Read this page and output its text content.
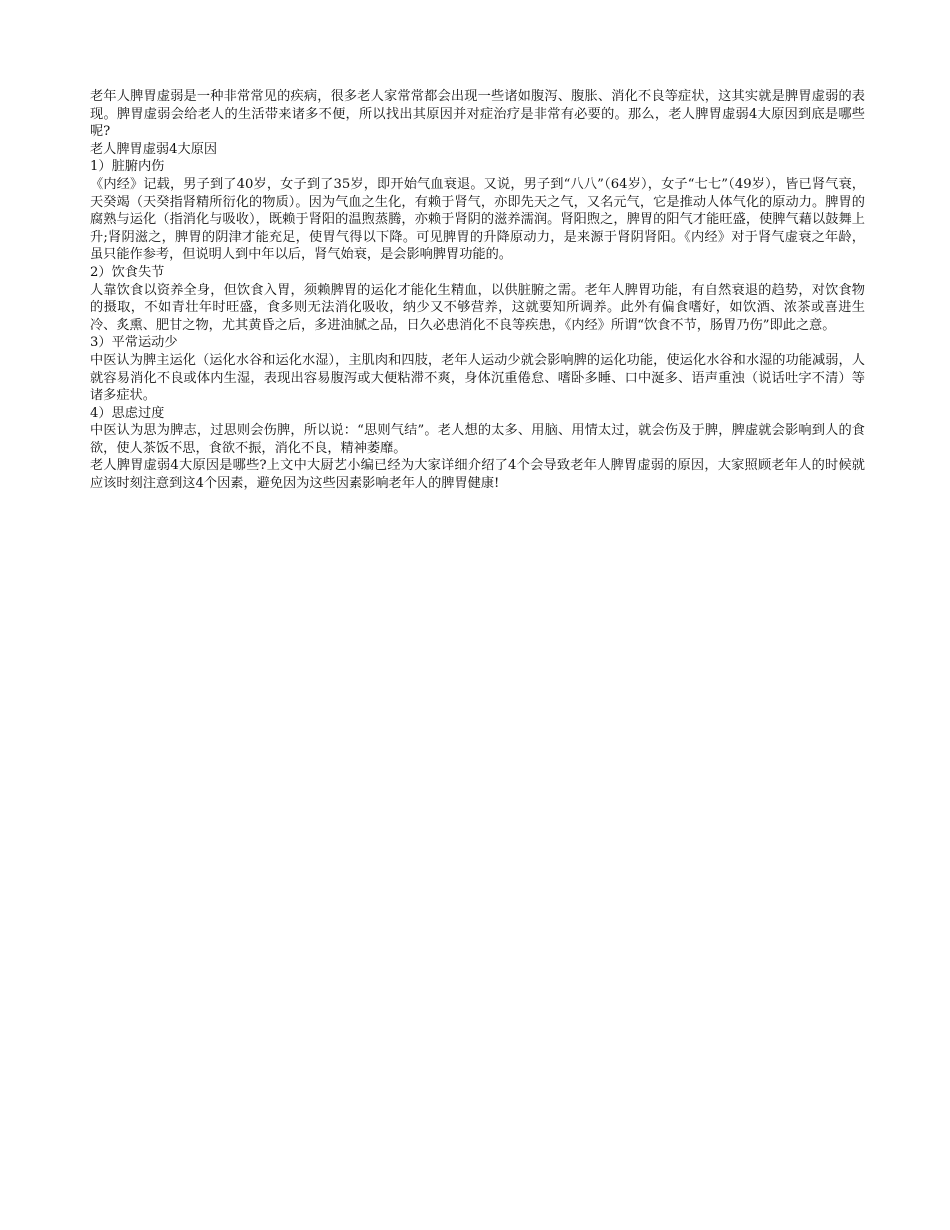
老年人脾胃虚弱是一种非常常见的疾病，很多老人家常常都会出现一些诸如腹泻、腹胀、消化不良等症状，这其实就是脾胃虚弱的表现。脾胃虚弱会给老人的生活带来诸多不便，所以找出其原因并对症治疗是非常有必要的。那么，老人脾胃虚弱4大原因到底是哪些呢?

老人脾胃虚弱4大原因

1）脏腑内伤

《内经》记载，男子到了40岁，女子到了35岁，即开始气血衰退。又说，男子到“八八”（64岁），女子“七七”（49岁），皆已肾气衰，天癸竭（天癸指肾精所衍化的物质）。因为气血之生化，有赖于肾气，亦即先天之气，又名元气，它是推动人体气化的原动力。脾胃的腐熟与运化（指消化与吸收），既赖于肾阳的温煦蒸腾，亦赖于肾阴的滋养濡润。肾阳煦之，脾胃的阳气才能旺盛，使脾气藉以鼓舞上升;肾阴滋之，脾胃的阴津才能充足，使胃气得以下降。可见脾胃的升降原动力，是来源于肾阴肾阳。《内经》对于肾气虚衰之年龄，虽只能作参考，但说明人到中年以后，肾气始衰，是会影响脾胃功能的。

2）饮食失节

人靠饮食以资养全身，但饮食入胃，须赖脾胃的运化才能化生精血，以供脏腑之需。老年人脾胃功能，有自然衰退的趋势，对饮食物的摄取，不如青壮年时旺盛，食多则无法消化吸收，纳少又不够营养，这就要知所调养。此外有偏食嗜好，如饮酒、浓茶或喜进生冷、炙熏、肥甘之物，尤其黄昏之后，多进油腻之品，日久必患消化不良等疾患，《内经》所谓“饮食不节，肠胃乃伤”即此之意。

3）平常运动少

中医认为脾主运化（运化水谷和运化水湿），主肌肉和四肢，老年人运动少就会影响脾的运化功能，使运化水谷和水湿的功能减弱，人就容易消化不良或体内生湿，表现出容易腹泻或大便粘滞不爽，身体沉重倦怠、嗜卧多睡、口中涎多、语声重浊（说话吐字不清）等诸多症状。

4）思虑过度

中医认为思为脾志，过思则会伤脾，所以说：“思则气结”。老人想的太多、用脑、用情太过，就会伤及于脾，脾虚就会影响到人的食欲，使人茶饭不思，食欲不振，消化不良，精神萎靡。

老人脾胃虚弱4大原因是哪些?上文中大厨艺小编已经为大家详细介绍了4个会导致老年人脾胃虚弱的原因，大家照顾老年人的时候就应该时刻注意到这4个因素，避免因为这些因素影响老年人的脾胃健康!
